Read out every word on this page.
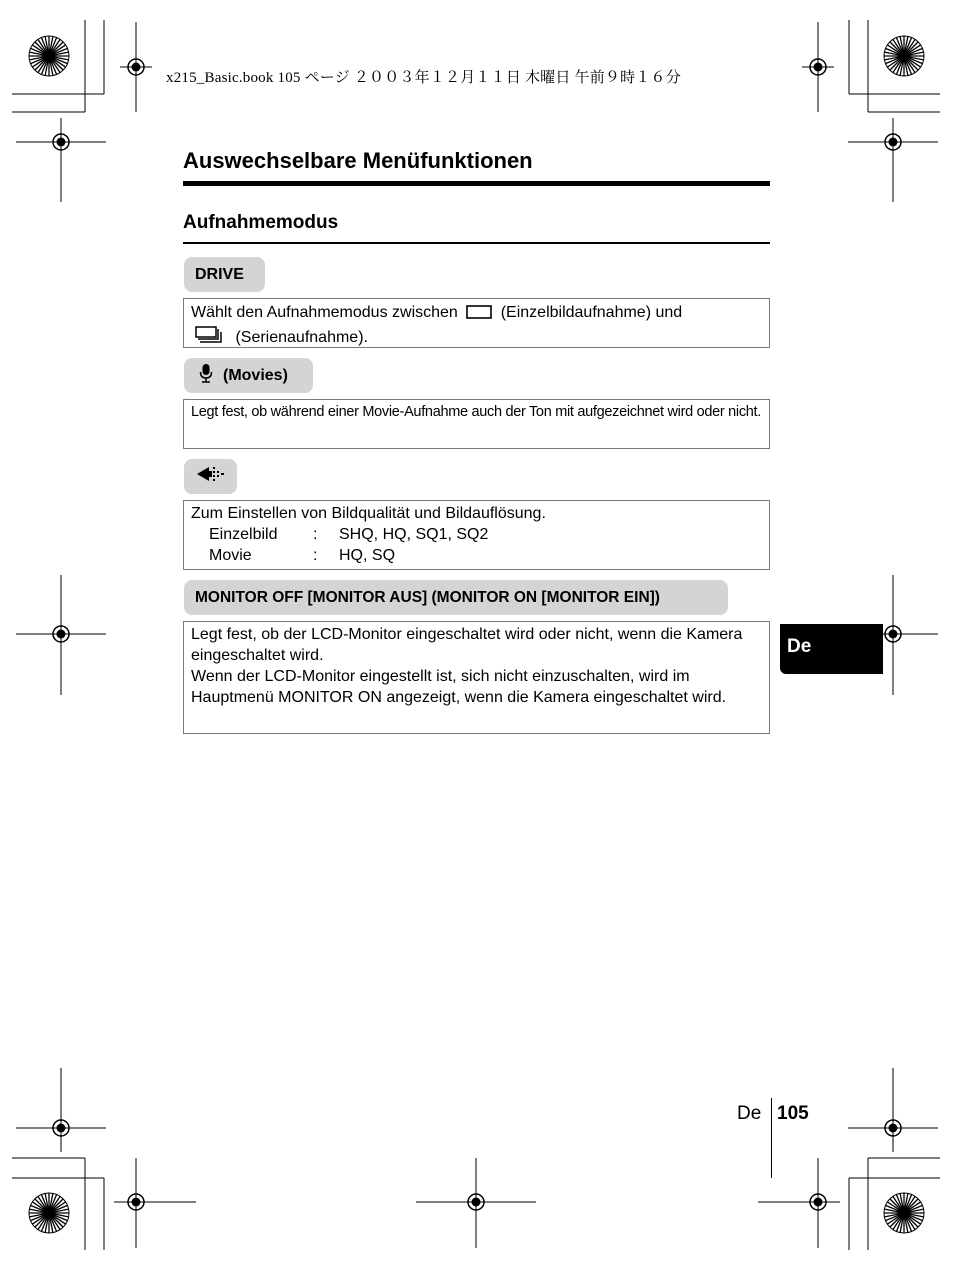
x215_Basic.book 105 ページ ２００３年１２月１１日 木曜日 午前９時１６分
Auswechselbare Menüfunktionen
Aufnahmemodus
DRIVE
Wählt den Aufnahmemodus zwischen	(Einzelbildaufnahme) und
(Serienaufnahme).
(Movies)
Legt fest, ob während einer Movie-Aufnahme auch der Ton mit aufgezeichnet wird oder nicht.
Zum Einstellen von Bildqualität und Bildauflösung.
Einzelbild	:	SHQ, HQ, SQ1, SQ2
Movie	:	HQ, SQ
MONITOR OFF [MONITOR AUS] (MONITOR ON [MONITOR EIN])
Legt fest, ob der LCD-Monitor eingeschaltet wird oder nicht, wenn die Kamera eingeschaltet wird.
Wenn der LCD-Monitor eingestellt ist, sich nicht einzuschalten, wird im Hauptmenü MONITOR ON angezeigt, wenn die Kamera eingeschaltet wird.
De
De 105
